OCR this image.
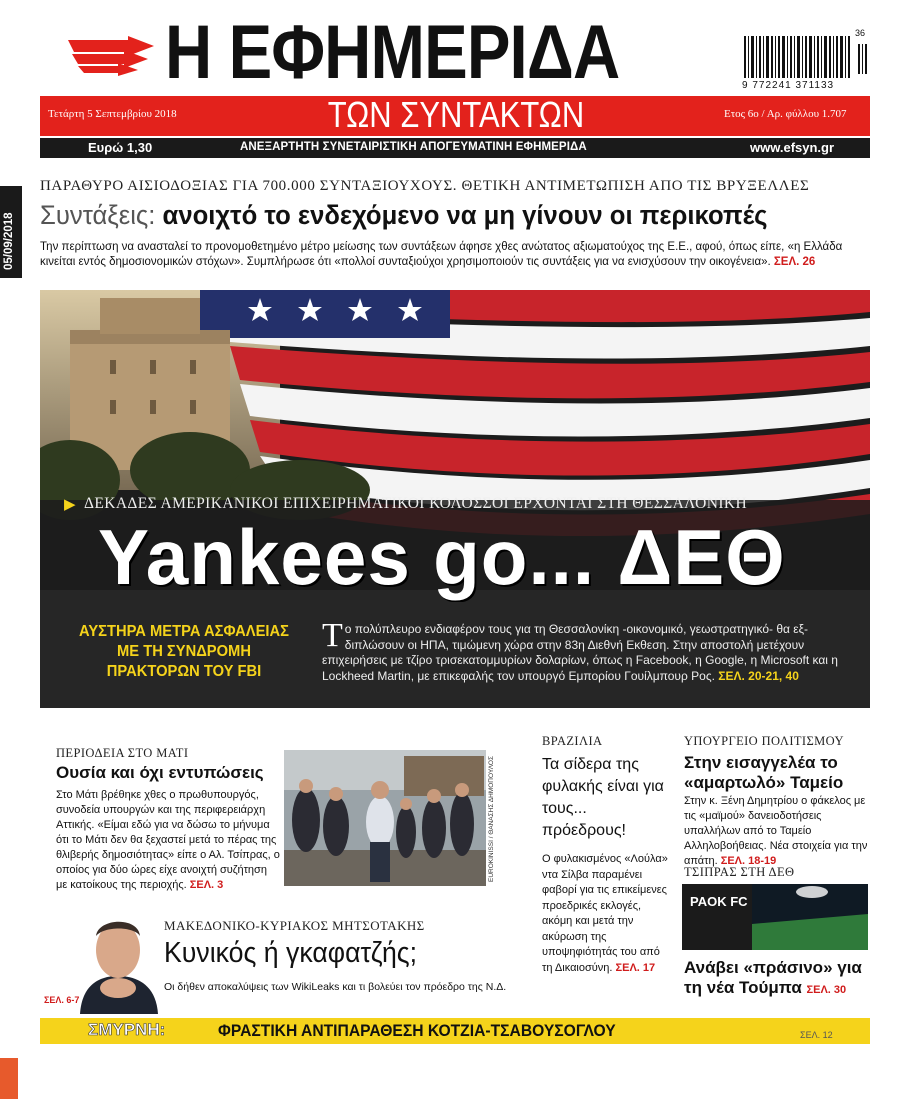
Η ΕΦΗΜΕΡΙΔΑ	9 772241 371133
36
Τετάρτη 5 Σεπτεμβρίου 2018	ΤΩΝ ΣΥΝΤΑΚΤΩΝ	Ετος 6ο / Αρ. φύλλου 1.707
Ευρώ 1,30	ΑΝΕΞΑΡΤΗΤΗ ΣΥΝΕΤΑΙΡΙΣΤΙΚΗ ΑΠΟΓΕΥΜΑΤΙΝΗ ΕΦΗΜΕΡΙΔΑ	www.efsyn.gr
05/09/2018
ΠΑΡΑΘΥΡΟ ΑΙΣΙΟΔΟΞΙΑΣ ΓΙΑ 700.000 ΣΥΝΤΑΞΙΟΥΧΟΥΣ. ΘΕΤΙΚΗ ΑΝΤΙΜΕΤΩΠΙΣΗ ΑΠΟ ΤΙΣ ΒΡΥΞΕΛΛΕΣ
Συντάξεις: ανοιχτό το ενδεχόμενο να μη γίνουν οι περικοπές
Την περίπτωση να ανασταλεί το προνομοθετημένο μέτρο μείωσης των συντάξεων άφησε χθες ανώτατος αξιωματούχος της Ε.Ε., αφού, όπως είπε, «η Ελλάδα κινείται εντός δημοσιονομικών στόχων». Συμπλήρωσε ότι «πολλοί συνταξιούχοι χρησιμοποιούν τις συντάξεις για να ενισχύσουν την οικογένεια». ΣΕΛ. 26
▶ ΔΕΚΑΔΕΣ ΑΜΕΡΙΚΑΝΙΚΟΙ ΕΠΙΧΕΙΡΗΜΑΤΙΚΟΙ ΚΟΛΟΣΣΟΙ ΕΡΧΟΝΤΑΙ ΣΤΗ ΘΕΣΣΑΛΟΝΙΚΗ
Yankees go... ΔΕΘ
ΑΥΣΤΗΡΑ ΜΕΤΡΑ ΑΣΦΑΛΕΙΑΣ
ΜΕ ΤΗ ΣΥΝΔΡΟΜΗ
ΠΡΑΚΤΟΡΩΝ ΤΟΥ FBI
Το πολύπλευρο ενδιαφέρον τους για τη Θεσσαλονίκη -οικονομικό, γεωστρατηγικό- θα εξ- διπλώσουν οι ΗΠΑ, τιμώμενη χώρα στην 83η Διεθνή Εκθεση. Στην αποστολή μετέχουν επιχειρήσεις με τζίρο τρισεκατομμυρίων δολαρίων, όπως η Facebook, η Google, η Microsoft και η Lockheed Martin, με επικεφαλής τον υπουργό Εμπορίου Γουίλμπουρ Ρος. ΣΕΛ. 20-21, 40
ΠΕΡΙΟΔΕΙΑ ΣΤΟ ΜΑΤΙ
Ουσία και όχι εντυπώσεις
Στο Μάτι βρέθηκε χθες ο πρωθυπουργός, συνοδεία υπουργών και της περιφερειάρχη Αττικής. «Είμαι εδώ για να δώσω το μήνυμα ότι το Μάτι δεν θα ξεχαστεί μετά το πέρας της θλιβερής δημοσιότητας» είπε ο Αλ. Τσίπρας, ο οποίος για δύο ώρες είχε ανοιχτή συζήτηση με κατοίκους της περιοχής. ΣΕΛ. 3
EUROKINISSI / ΘΑΝΑΣΗΣ ΔΗΜΟΠΟΥΛΟΣ
ΒΡΑΖΙΛΙΑ
Τα σίδερα της φυλακής είναι για τους... πρόεδρους!
Ο φυλακισμένος «Λούλα» ντα Σίλβα παραμένει φαβορί για τις επικείμενες προεδρικές εκλογές, ακόμη και μετά την ακύρωση της υποψηφιότητάς του από τη Δικαιοσύνη. ΣΕΛ. 17
ΥΠΟΥΡΓΕΙΟ ΠΟΛΙΤΙΣΜΟΥ
Στην εισαγγελέα το «αμαρτωλό» Ταμείο
Στην κ. Ξένη Δημητρίου ο φάκελος με τις «μαϊμού» δανειοδοτήσεις υπαλλήλων από το Ταμείο Αλληλοβοήθειας. Νέα στοιχεία για την απάτη. ΣΕΛ. 18-19
ΤΣΙΠΡΑΣ ΣΤΗ ΔΕΘ
PAOK FC
Ανάβει «πράσινο» για τη νέα Τούμπα ΣΕΛ. 30
ΣΕΛ. 6-7
ΜΑΚΕΔΟΝΙΚΟ-ΚΥΡΙΑΚΟΣ ΜΗΤΣΟΤΑΚΗΣ
Κυνικός ή γκαφατζής;
Οι δήθεν αποκαλύψεις των WikiLeaks και τι βολεύει τον πρόεδρο της Ν.Δ.
ΣΜΥΡΝΗ:	ΦΡΑΣΤΙΚΗ ΑΝΤΙΠΑΡΑΘΕΣΗ ΚΟΤΖΙΑ-ΤΣΑΒΟΥΣΟΓΛΟΥ	ΣΕΛ. 12
